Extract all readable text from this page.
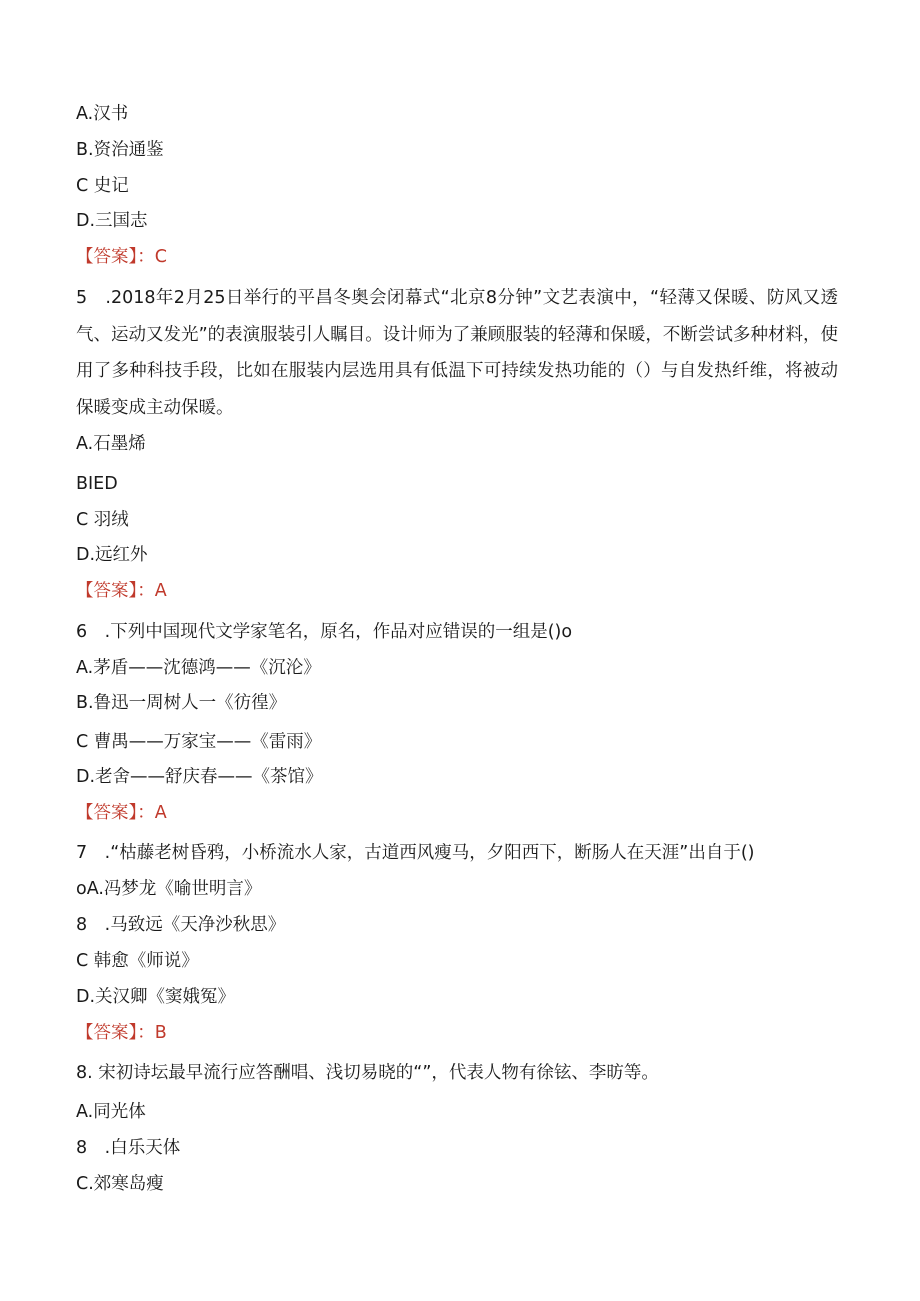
A.汉书
B.资治通鉴
C 史记
D.三国志
【答案】：C
5　.2018年2月25日举行的平昌冬奥会闭幕式“北京8分钟”文艺表演中，“轻薄又保暖、防风又透气、运动又发光”的表演服装引人瞩目。设计师为了兼顾服装的轻薄和保暖，不断尝试多种材料，使用了多种科技手段，比如在服装内层选用具有低温下可持续发热功能的（）与自发热纤维，将被动保暖变成主动保暖。
A.石墨烯
BIED
C 羽绒
D.远红外
【答案】：A
6　.下列中国现代文学家笔名，原名，作品对应错误的一组是()o
A.茅盾——沈德鸿——《沉沦》
B.鲁迅一周树人一《彷徨》
C 曹禺——万家宝——《雷雨》
D.老舍——舒庆春——《茶馆》
【答案】：A
7　.“枯藤老树昏鸦，小桥流水人家，古道西风瘦马，夕阳西下，断肠人在天涯”出自于()
oA.冯梦龙《喻世明言》
8　.马致远《天净沙秋思》
C 韩愈《师说》
D.关汉卿《窦娥冤》
【答案】：B
8. 宋初诗坛最早流行应答酬唱、浅切易晓的“”，代表人物有徐铉、李昉等。
A.同光体
8　.白乐天体
C.郊寒岛瘦
